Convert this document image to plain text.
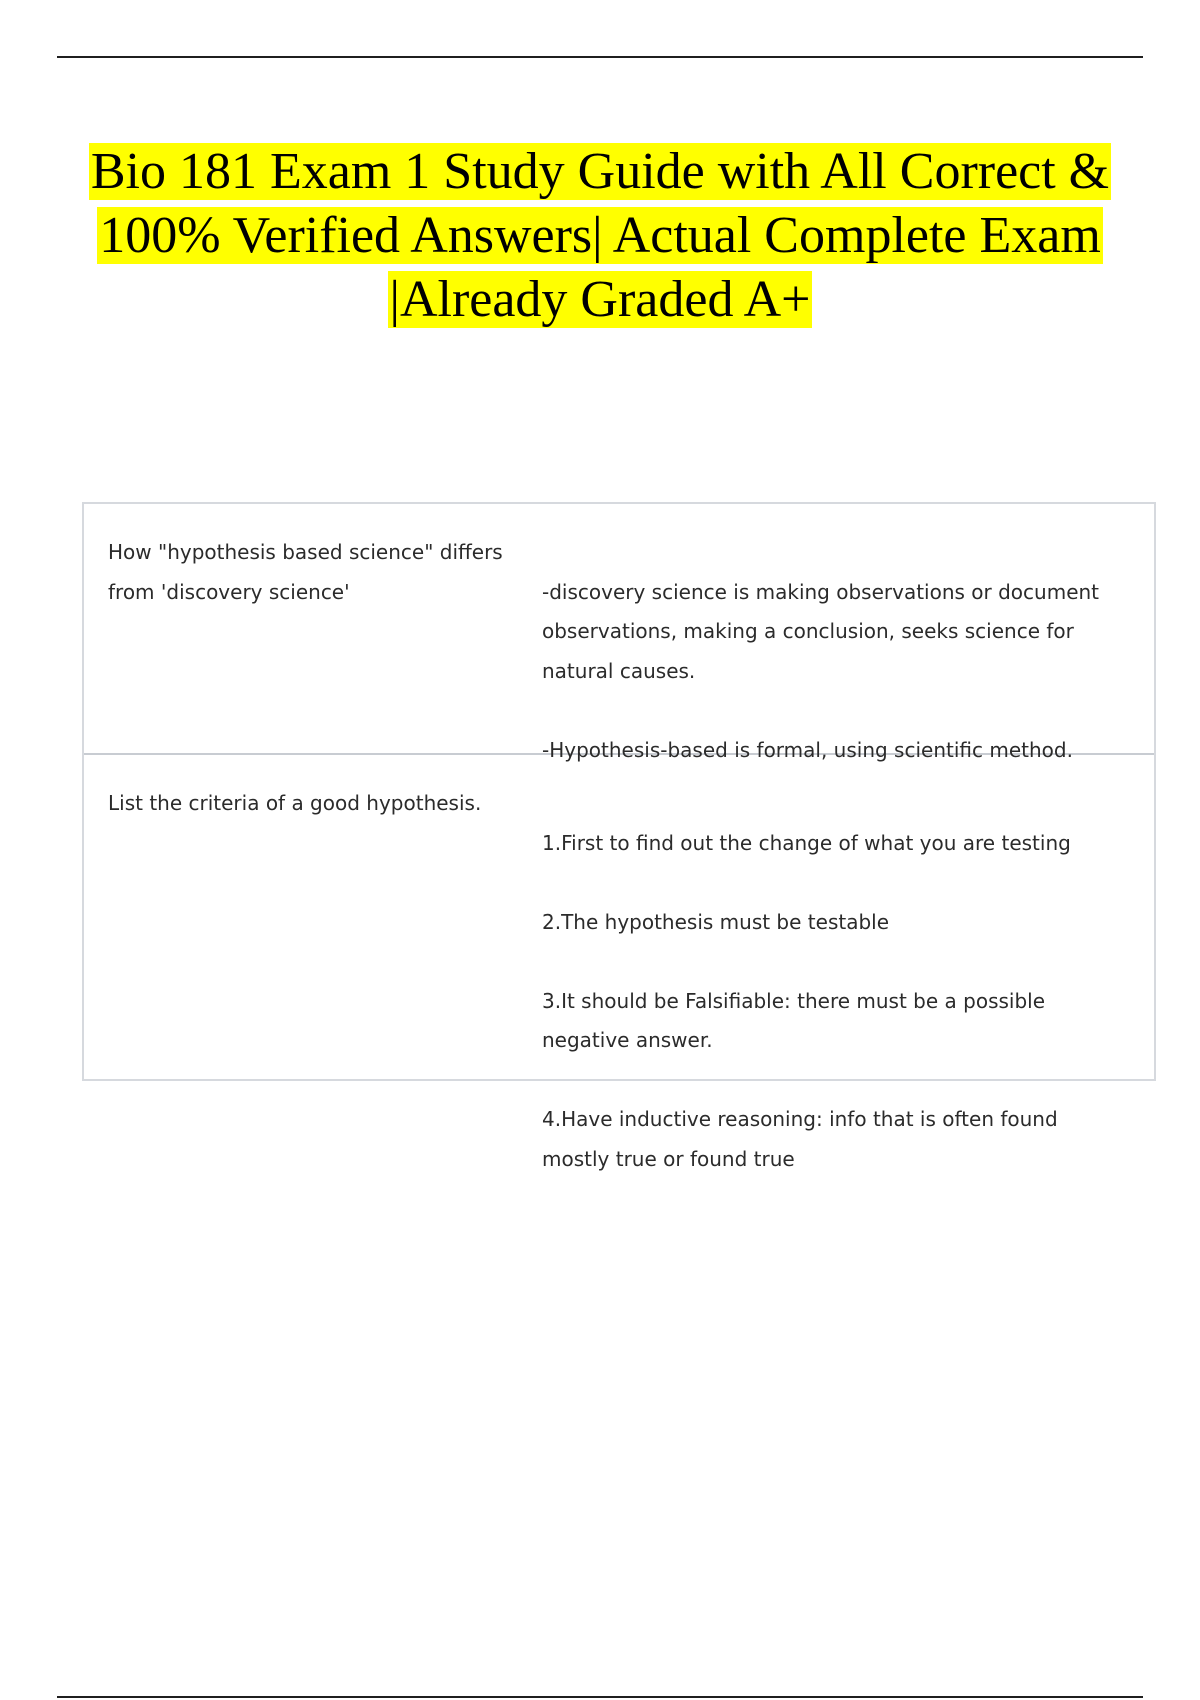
Bio 181 Exam 1 Study Guide with All Correct &
100% Verified Answers| Actual Complete Exam
|Already Graded A+
How "hypothesis based science" differs from 'discovery science'	-discovery science is making observations or document observations, making a conclusion, seeks science for natural causes.

-Hypothesis-based is formal, using scientific method.

List the criteria of a good hypothesis.

1.First to find out the change of what you are testing

2.The hypothesis must be testable

3.It should be Falsifiable: there must be a possible negative answer.

4.Have inductive reasoning: info that is often found mostly true or found true
